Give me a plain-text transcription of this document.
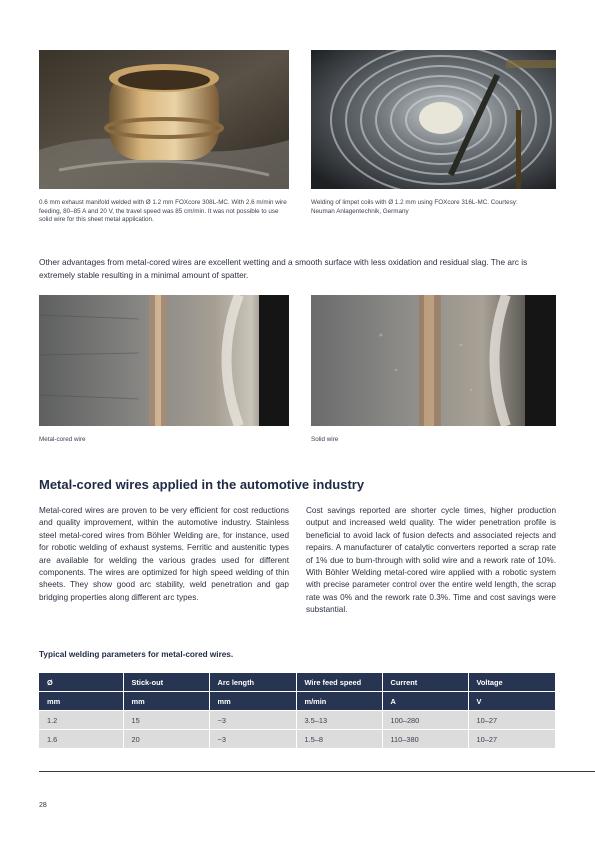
0.6 mm exhaust manifold welded with Ø 1.2 mm FOXcore 308L-MC. With 2.6 m/min wire feeding, 80–85 A and 20 V, the travel speed was 85 cm/min. It was not possible to use solid wire for this sheet metal application.
Welding of limpet coils with Ø 1.2 mm using FOXcore 316L-MC. Courtesy: Neuman Anlagentechnik, Germany
Other advantages from metal-cored wires are excellent wetting and a smooth surface with less oxidation and residual slag. The arc is extremely stable resulting in a minimal amount of spatter.
Metal-cored wire	Solid wire
Metal-cored wires applied in the automotive industry
Metal-cored wires are proven to be very efficient for cost reductions and quality improvement, within the automotive industry. Stainless steel metal-cored wires from Böhler Welding are, for instance, used for robotic welding of exhaust systems. Ferritic and austenitic types are available for welding the various grades used for different components. The wires are optimized for high speed welding of thin sheets. They show good arc stability, weld penetration and gap bridging properties along different arc types.
Cost savings reported are shorter cycle times, higher production output and increased weld quality. The wider penetration profile is beneficial to avoid lack of fusion defects and associated rejects and repairs. A manufacturer of catalytic converters reported a scrap rate of 1% due to burn-through with solid wire and a rework rate of 10%. With Böhler Welding metal-cored wire applied with a robotic system with precise parameter control over the entire weld length, the scrap rate was 0% and the rework rate 0.3%. Time and cost savings were substantial.
Typical welding parameters for metal-cored wires.
Ø	Stick-out	Arc length	Wire feed speed	Current	Voltage
mm	mm	mm	m/min	A	V
1.2	15	~3	3.5–13	100–280	10–27
1.6	20	~3	1.5–8	110–380	10–27
28
